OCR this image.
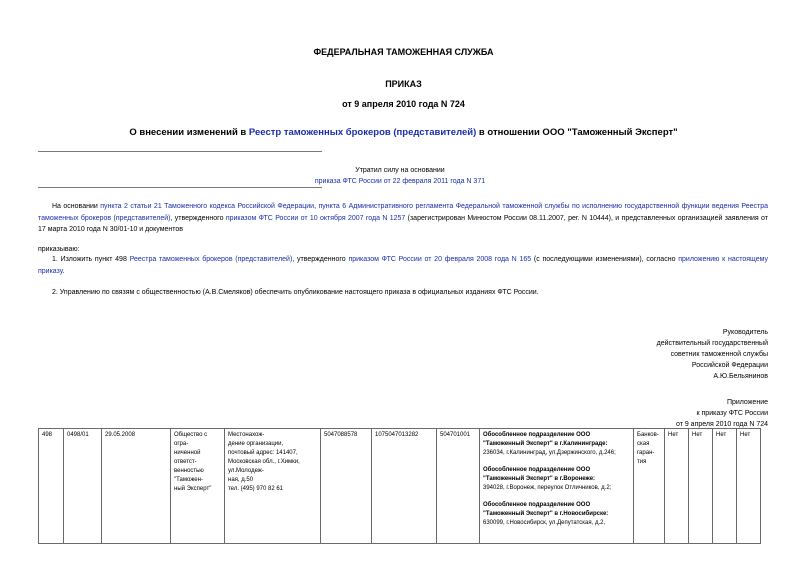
ФЕДЕРАЛЬНАЯ ТАМОЖЕННАЯ СЛУЖБА
ПРИКАЗ
от 9 апреля 2010 года N 724
О внесении изменений в Реестр таможенных брокеров (представителей) в отношении ООО "Таможенный Эксперт"
Утратил силу на основании
приказа ФТС России от 22 февраля 2011 года N 371
На основании пункта 2 статьи 21 Таможенного кодекса Российской Федерации, пункта 6 Административного регламента Федеральной таможенной службы по исполнению государственной функции ведения Реестра таможенных брокеров (представителей), утвержденного приказом ФТС России от 10 октября 2007 года N 1257 (зарегистрирован Минюстом России 08.11.2007, рег. N 10444), и представленных организацией заявления от 17 марта 2010 года N 30/01-10 и документов
приказываю:
1. Изложить пункт 498 Реестра таможенных брокеров (представителей), утвержденного приказом ФТС России от 20 февраля 2008 года N 165 (с последующими изменениями), согласно приложению к настоящему приказу.
2. Управлению по связям с общественностью (А.В.Смеляков) обеспечить опубликование настоящего приказа в официальных изданиях ФТС России.
Руководитель
действительный государственный
советник таможенной службы
Российской Федерации
А.Ю.Бельянинов
Приложение
к приказу ФТС России
от 9 апреля 2010 года N 724
498	0498/01	29.05.2008	Общество с огра-
ниченной
ответст-
венностью
"Таможен-
ный Эксперт"	Местонахож-
дение организации,
почтовый адрес: 141407,
Московская обл., г.Химки,
ул.Молодеж-
ная, д.50
тел. (495) 970 82 61	5047088578	1075047013282	504701001	Обособленное подразделение ООО "Таможенный Эксперт" в г.Калининграде:
236034, г.Калининград, ул.Дзержинского, д.246;
Обособленное подразделение ООО "Таможенный Эксперт" в г.Воронеже:
394028, г.Воронеж, переулок Отличников, д.2;
Обособленное подразделение ООО "Таможенный Эксперт" в г.Новосибирске:
630099, г.Новосибирск, ул.Депутатская, д.2,
	Банков-
ская
гаран-
тия	Нет	Нет	Нет	Нет
